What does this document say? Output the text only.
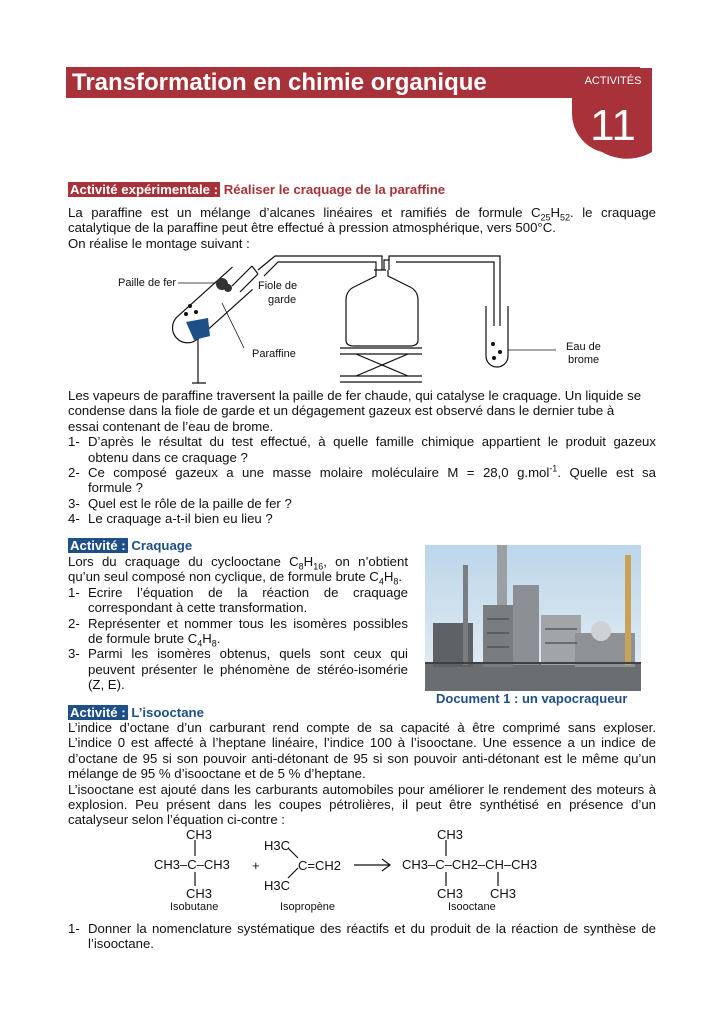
Transformation en chimie organique	ACTIVITÉS
11
Activité expérimentale : Réaliser le craquage de la paraffine

La paraffine est un mélange d’alcanes linéaires et ramifiés de formule $C_{25}H_{52}$. le craquage

catalytique de la paraffine peut être effectué à pression atmosphérique, vers 500°C.

On réalise le montage suivant :

Paille de fer	Fiole de
garde
Paraffine
Eau de
brome

Les vapeurs de paraffine traversent la paille de fer chaude, qui catalyse le craquage. Un liquide se

condense dans la fiole de garde et un dégagement gazeux est observé dans le dernier tube à

essai contenant de l’eau de brome.

1- D’après le résultat du test effectué, à quelle famille chimique appartient le produit gazeux

obtenu dans ce craquage ?

2- Ce composé gazeux a une masse molaire moléculaire M = 28,0 g.mol$^{-1}$. Quelle est sa

formule ?

3- Quel est le rôle de la paille de fer ?

4- Le craquage a-t-il bien eu lieu ?

Activité : Craquage

Lors du craquage du cyclooctane $C_8H_{16}$, on n’obtient

qu’un seul composé non cyclique, de formule brute $C_4H_8$.

1- Ecrire l’équation de la réaction de craquage

correspondant à cette transformation.

2- Représenter et nommer tous les isomères possibles

de formule brute $C_4H_8$.

3- Parmi les isomères obtenus, quels sont ceux qui

peuvent présenter le phénomène de stéréo-isomérie

(Z, E).

Document 1 : un vapocraqueur
Activité : L’isooctane

L’indice d’octane d’un carburant rend compte de sa capacité à être comprimé sans exploser.

L’indice 0 est affecté à l’heptane linéaire, l’indice 100 à l’isooctane. Une essence a un indice de

d’octane de 95 si son pouvoir anti-détonant de 95 si son pouvoir anti-détonant est le même qu’un

mélange de 95 % d’isooctane et de 5 % d’heptane.

L’isooctane est ajouté dans les carburants automobiles pour améliorer le rendement des moteurs à

explosion. Peu présent dans les coupes pétrolières, il peut être synthétisé en présence d’un

catalyseur selon l’équation ci-contre :

CH3
CH3–C–CH3
CH3
+
H3C
C=CH2
H3C
CH3
CH3–C–CH2–CH–CH3
CH3 CH3
Isobutane	Isopropène	Isooctane
1- Donner la nomenclature systématique des réactifs et du produit de la réaction de synthèse de

l’isooctane.
